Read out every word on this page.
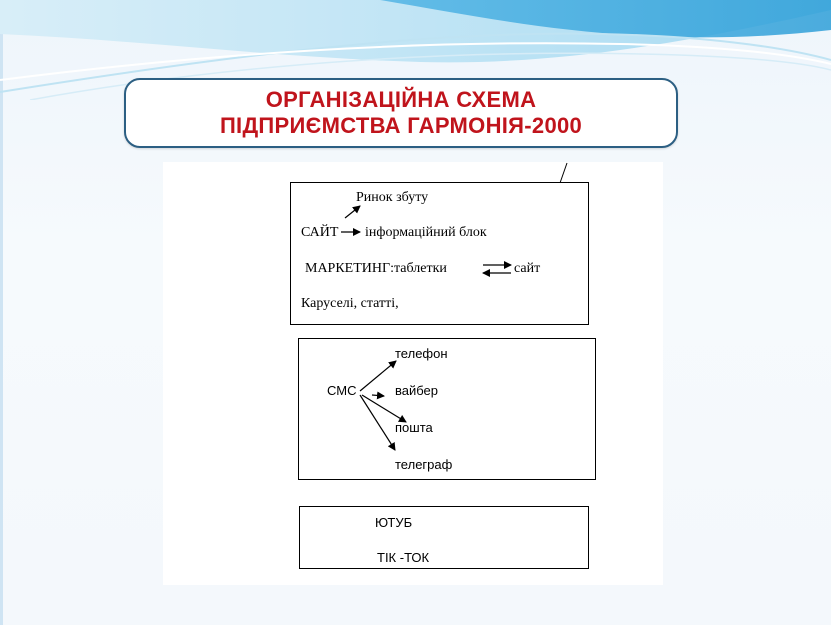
ОРГАНІЗАЦІЙНА СХЕМА
ПІДПРИЄМСТВА ГАРМОНІЯ-2000
Ринок збуту
САЙТ інформаційний блок
МАРКЕТИНГ:таблетки	сайт
Каруселі, статті,
СМС
телефон
вайбер
пошта
телеграф
ЮТУБ
ТІК -ТОК
